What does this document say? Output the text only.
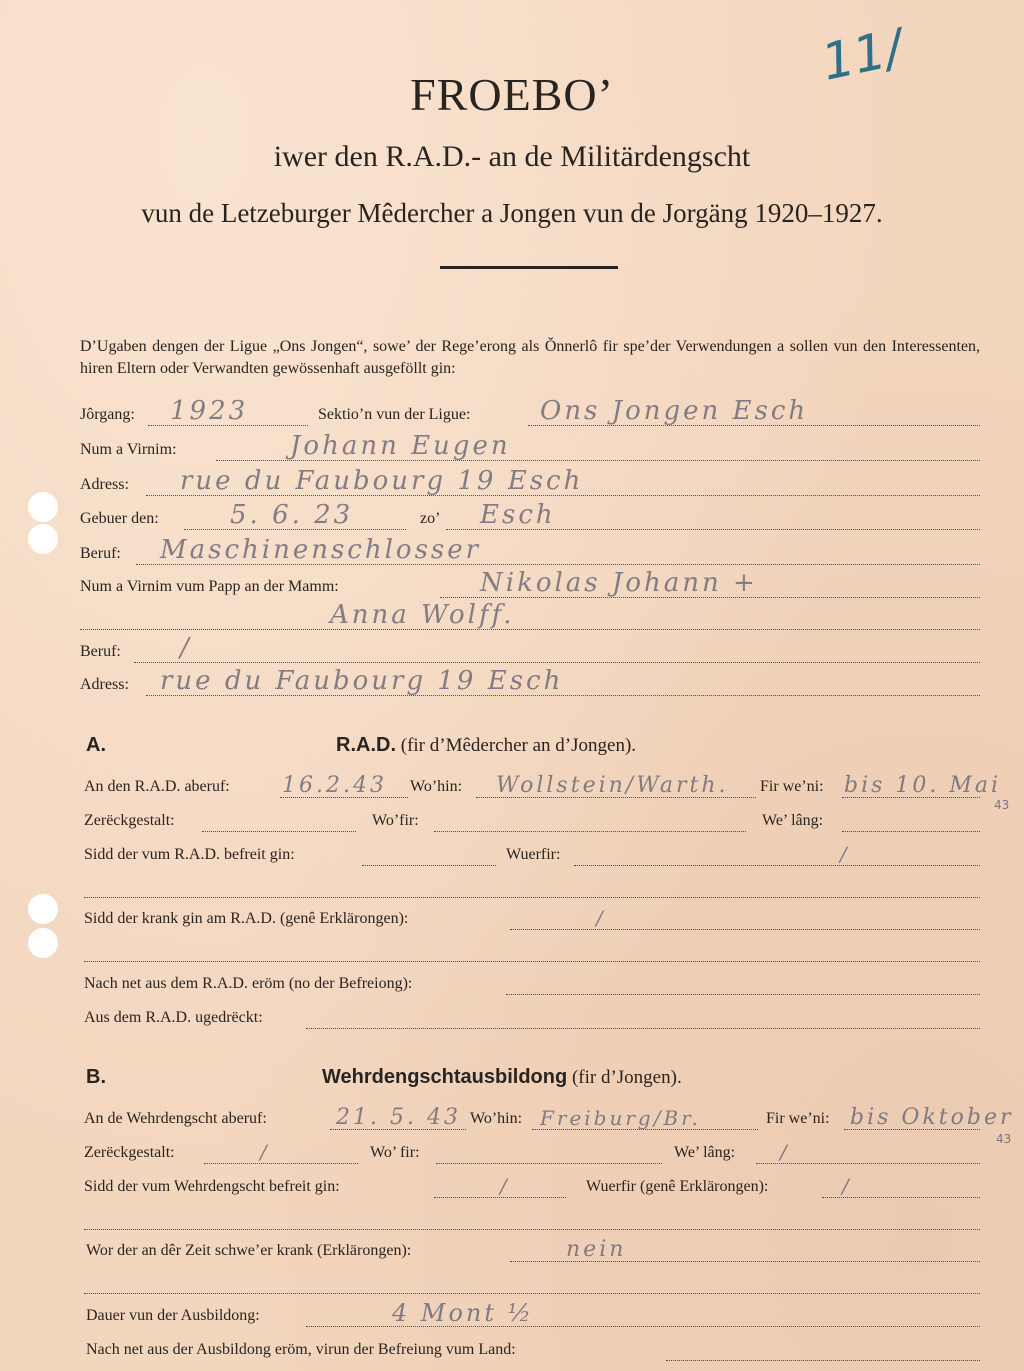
11/
FROEBO’
iwer den R.A.D.- an de Militärdengscht
vun de Letzeburger Mêdercher a Jongen vun de Jorgäng 1920–1927.
D’Ugaben dengen der Ligue „Ons Jongen“, sowe’ der Rege’erong als Ǒnnerlô fir spe’der Verwendungen a sollen vun den Interessenten, hiren Eltern oder Verwandten gewössenhaft ausgeföllt gin:
Jôrgang: 1923	Sektio’n vun der Ligue:	Ons Jongen Esch
Num a Virnim:	Johann Eugen
Adress: rue du Faubourg 19 Esch
Gebuer den:	5. 6. 23	zo’ Esch
Beruf: Maschinenschlosser
Num a Virnim vum Papp an der Mamm:	Nikolas Johann +
Anna Wolff.
Beruf: /
Adress: rue du Faubourg 19 Esch
A.	R.A.D. (fir d’Mêdercher an d’Jongen).
An den R.A.D. aberuf: 16.2.43 Wo’hin: Wollstein/Warth. Fir we’ni: bis 10. Mai
43
Zerëckgestalt:	Wo’fir:	We’ lâng:
Sidd der vum R.A.D. befreit gin:	Wuerfir:	/
Sidd der krank gin am R.A.D. (genê Erklärongen):	/
Nach net aus dem R.A.D. eröm (no der Befreiong):
Aus dem R.A.D. ugedrëckt:
B.	Wehrdengschtausbildong (fir d’Jongen).
An de Wehrdengscht aberuf:	21. 5. 43 Wo’hin: Freiburg/Br.	Fir we’ni: bis Oktober
43
Zerëckgestalt:	/	Wo’ fir:	We’ lâng: /
Sidd der vum Wehrdengscht befreit gin:	/	Wuerfir (genê Erklärongen):	/
Wor der an dêr Zeit schwe’er krank (Erklärongen):	nein
Dauer vun der Ausbildong:	4 Mont ½
Nach net aus der Ausbildong eröm, virun der Befreiung vum Land:
